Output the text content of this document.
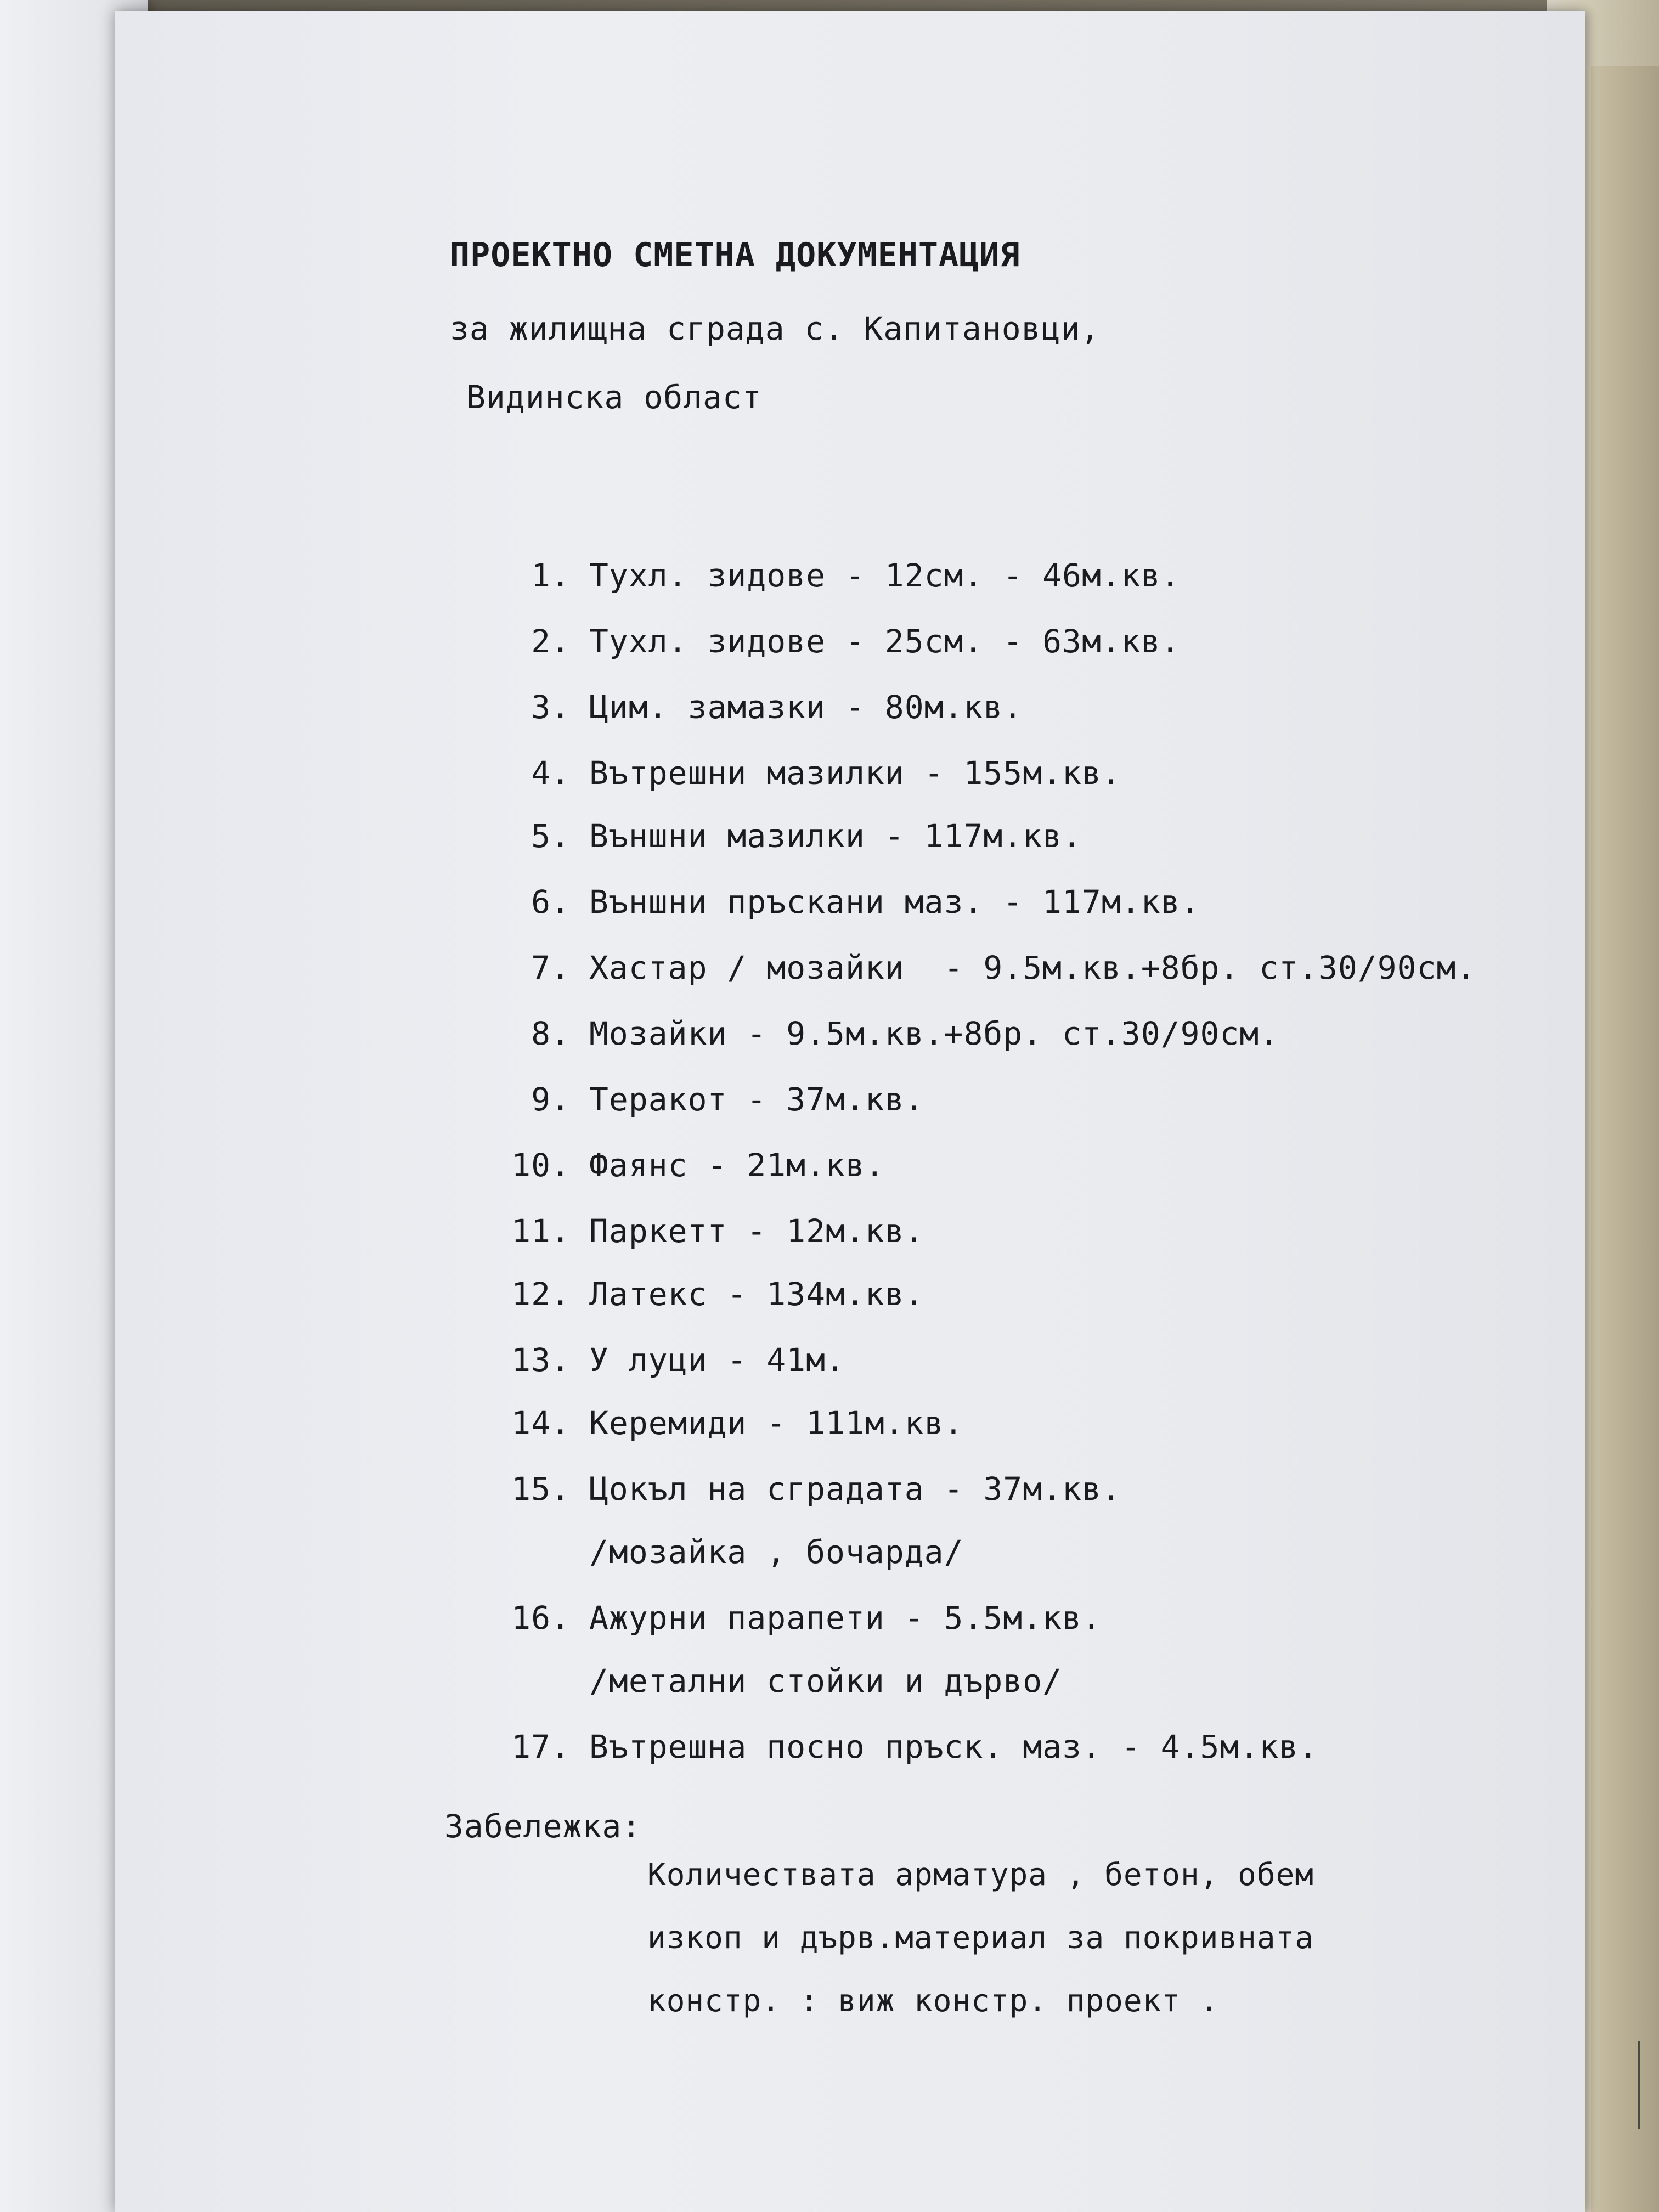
ПРОЕКТНО СМЕТНА ДОКУМЕНТАЦИЯ
за жилищна сграда с. Капитановци,
Видинска област
1. Тухл. зидове - 12см. - 46м.кв.
2. Тухл. зидове - 25см. - 63м.кв.
3. Цим. замазки - 80м.кв.
4. Вътрешни мазилки - 155м.кв.
5. Външни мазилки - 117м.кв.
6. Външни пръскани маз. - 117м.кв.
7. Хастар / мозайки  - 9.5м.кв.+8бр. ст.30/90см.
8. Мозайки - 9.5м.кв.+8бр. ст.30/90см.
9. Теракот - 37м.кв.
10. Фаянс - 21м.кв.
11. Паркетт - 12м.кв.
12. Латекс - 134м.кв.
13. У луци - 41м.
14. Керемиди - 111м.кв.
15. Цокъл на сградата - 37м.кв.
/мозайка , бочарда/
16. Ажурни парапети - 5.5м.кв.
/метални стойки и дърво/
17. Вътрешна посно пръск. маз. - 4.5м.кв.
Забележка:
Количествата арматура , бетон, обем
изкоп и дърв.материал за покривната
констр. : виж констр. проект .
